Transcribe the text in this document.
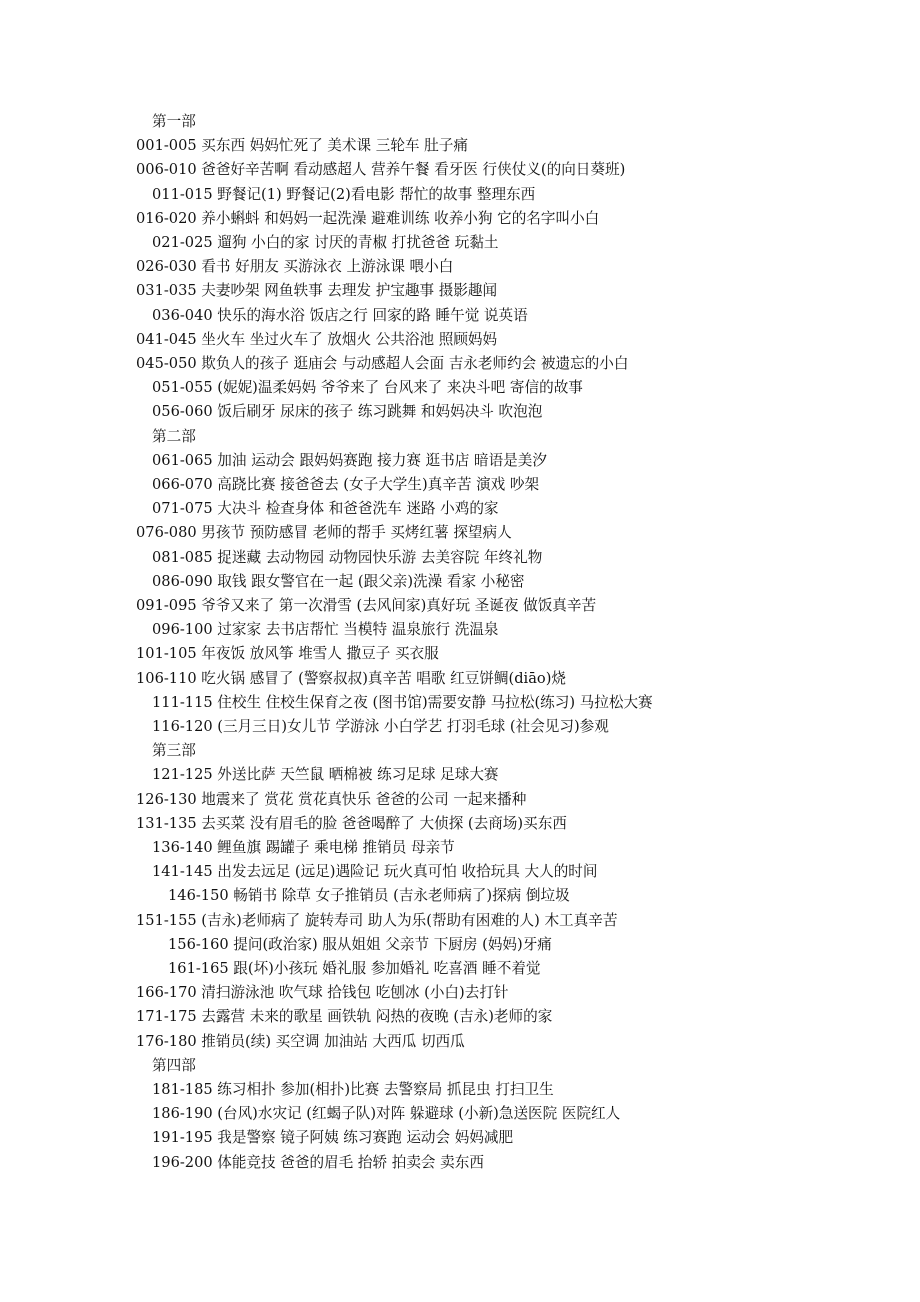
第一部
001-005 买东西 妈妈忙死了 美术课 三轮车 肚子痛
006-010 爸爸好辛苦啊 看动感超人 营养午餐 看牙医 行侠仗义(的向日葵班)
011-015 野餐记(1) 野餐记(2)看电影 帮忙的故事 整理东西
016-020 养小蝌蚪 和妈妈一起洗澡 避难训练 收养小狗 它的名字叫小白
021-025 遛狗 小白的家 讨厌的青椒 打扰爸爸 玩黏土
026-030 看书 好朋友 买游泳衣 上游泳课 喂小白
031-035 夫妻吵架 网鱼轶事 去理发 护宝趣事 摄影趣闻
036-040 快乐的海水浴 饭店之行 回家的路 睡午觉 说英语
041-045 坐火车 坐过火车了 放烟火 公共浴池 照顾妈妈
045-050 欺负人的孩子 逛庙会 与动感超人会面 吉永老师约会 被遗忘的小白
051-055 (妮妮)温柔妈妈 爷爷来了 台风来了 来决斗吧 寄信的故事
056-060 饭后刷牙 尿床的孩子 练习跳舞 和妈妈决斗 吹泡泡
第二部
061-065 加油 运动会 跟妈妈赛跑 接力赛 逛书店 暗语是美汐
066-070 高跷比赛 接爸爸去 (女子大学生)真辛苦 演戏 吵架
071-075 大决斗 检查身体 和爸爸洗车 迷路 小鸡的家
076-080 男孩节 预防感冒 老师的帮手 买烤红薯 探望病人
081-085 捉迷藏 去动物园 动物园快乐游 去美容院 年终礼物
086-090 取钱 跟女警官在一起 (跟父亲)洗澡 看家 小秘密
091-095 爷爷又来了 第一次滑雪 (去风间家)真好玩 圣诞夜 做饭真辛苦
096-100 过家家 去书店帮忙 当模特 温泉旅行 洗温泉
101-105 年夜饭 放风筝 堆雪人 撒豆子 买衣服
106-110 吃火锅 感冒了 (警察叔叔)真辛苦 唱歌 红豆饼鲷(diāo)烧
111-115 住校生 住校生保育之夜 (图书馆)需要安静 马拉松(练习) 马拉松大赛
116-120 (三月三日)女儿节 学游泳 小白学艺 打羽毛球 (社会见习)参观
第三部
121-125 外送比萨 天竺鼠 晒棉被 练习足球 足球大赛
126-130 地震来了 赏花 赏花真快乐 爸爸的公司 一起来播种
131-135 去买菜 没有眉毛的脸 爸爸喝醉了 大侦探 (去商场)买东西
136-140 鲤鱼旗 踢罐子 乘电梯 推销员 母亲节
141-145 出发去远足 (远足)遇险记 玩火真可怕 收拾玩具 大人的时间
146-150 畅销书 除草 女子推销员 (吉永老师病了)探病 倒垃圾
151-155 (吉永)老师病了 旋转寿司 助人为乐(帮助有困难的人) 木工真辛苦
156-160 提问(政治家) 服从姐姐 父亲节 下厨房 (妈妈)牙痛
161-165 跟(坏)小孩玩 婚礼服 参加婚礼 吃喜酒 睡不着觉
166-170 清扫游泳池 吹气球 拾钱包 吃刨冰 (小白)去打针
171-175 去露营 未来的歌星 画铁轨 闷热的夜晚 (吉永)老师的家
176-180 推销员(续) 买空调 加油站 大西瓜 切西瓜
第四部
181-185 练习相扑 参加(相扑)比赛 去警察局 抓昆虫 打扫卫生
186-190 (台风)水灾记 (红蝎子队)对阵 躲避球 (小新)急送医院 医院红人
191-195 我是警察 镜子阿姨 练习赛跑 运动会 妈妈减肥
196-200 体能竞技 爸爸的眉毛 抬轿 拍卖会 卖东西
